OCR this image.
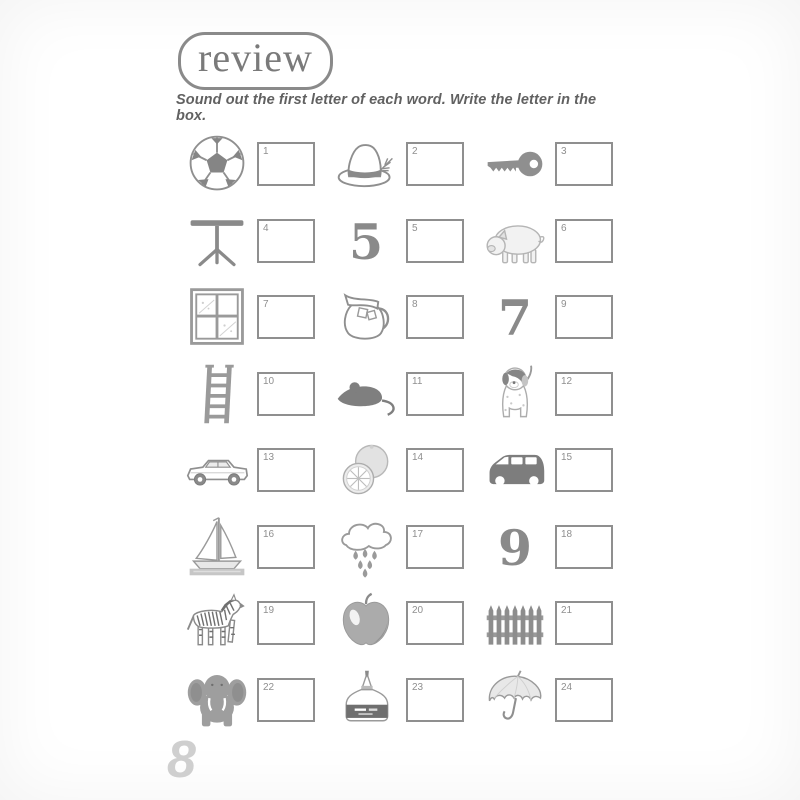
review
Sound out the first letter of each word. Write the letter in the box.
1	2	3
4	5	5	6
7	8	7	9
10	11	12
13	14	15
16	17	9	18
19	20	21
22	23	24
8
